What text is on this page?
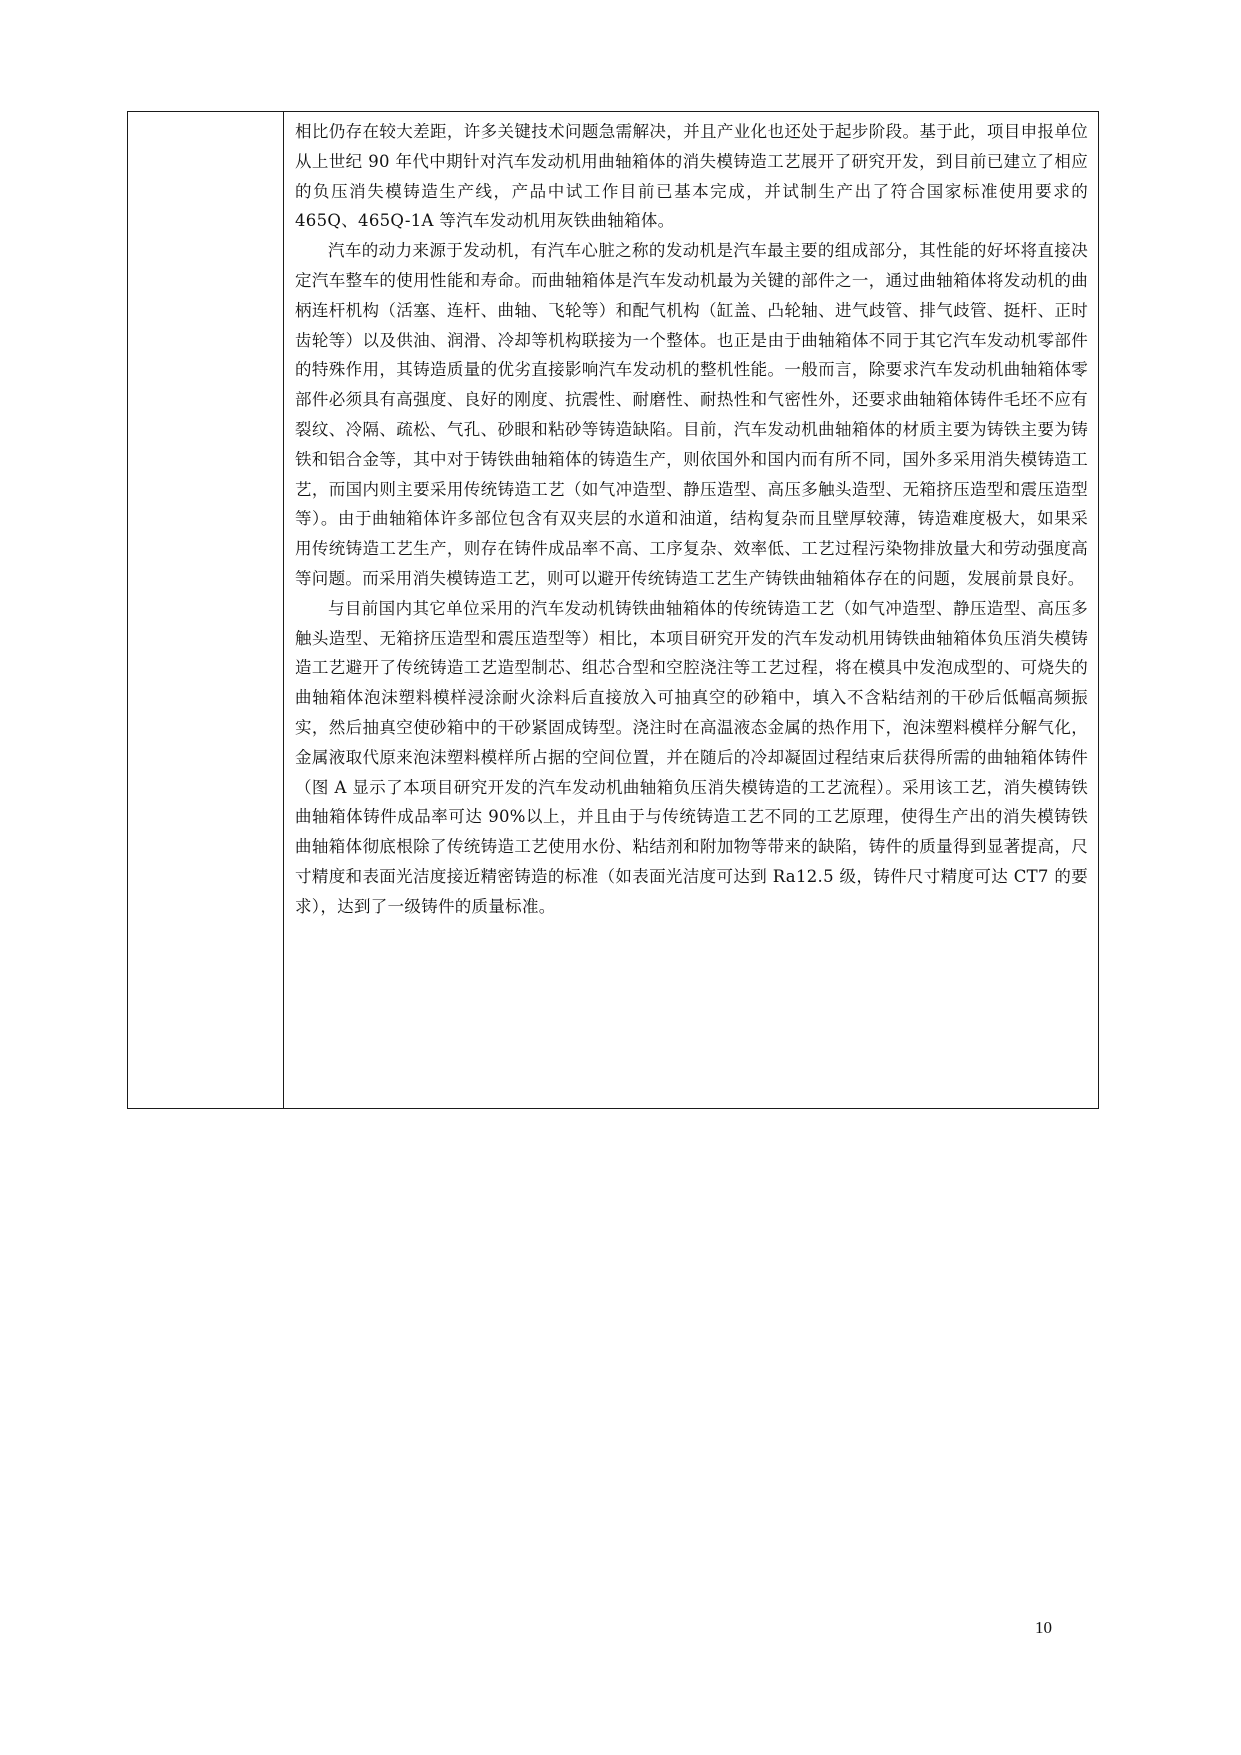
相比仍存在较大差距，许多关键技术问题急需解决，并且产业化也还处于起步阶段。基于此，项目申报单位从上世纪 90 年代中期针对汽车发动机用曲轴箱体的消失模铸造工艺展开了研究开发，到目前已建立了相应的负压消失模铸造生产线，产品中试工作目前已基本完成，并试制生产出了符合国家标准使用要求的 465Q、465Q-1A 等汽车发动机用灰铁曲轴箱体。

汽车的动力来源于发动机，有汽车心脏之称的发动机是汽车最主要的组成部分，其性能的好坏将直接决定汽车整车的使用性能和寿命。而曲轴箱体是汽车发动机最为关键的部件之一，通过曲轴箱体将发动机的曲柄连杆机构（活塞、连杆、曲轴、飞轮等）和配气机构（缸盖、凸轮轴、进气歧管、排气歧管、挺杆、正时齿轮等）以及供油、润滑、冷却等机构联接为一个整体。也正是由于曲轴箱体不同于其它汽车发动机零部件的特殊作用，其铸造质量的优劣直接影响汽车发动机的整机性能。一般而言，除要求汽车发动机曲轴箱体零部件必须具有高强度、良好的刚度、抗震性、耐磨性、耐热性和气密性外，还要求曲轴箱体铸件毛坯不应有裂纹、冷隔、疏松、气孔、砂眼和粘砂等铸造缺陷。目前，汽车发动机曲轴箱体的材质主要为铸铁主要为铸铁和铝合金等，其中对于铸铁曲轴箱体的铸造生产，则依国外和国内而有所不同，国外多采用消失模铸造工艺，而国内则主要采用传统铸造工艺（如气冲造型、静压造型、高压多触头造型、无箱挤压造型和震压造型等）。由于曲轴箱体许多部位包含有双夹层的水道和油道，结构复杂而且壁厚较薄，铸造难度极大，如果采用传统铸造工艺生产，则存在铸件成品率不高、工序复杂、效率低、工艺过程污染物排放量大和劳动强度高等问题。而采用消失模铸造工艺，则可以避开传统铸造工艺生产铸铁曲轴箱体存在的问题，发展前景良好。

与目前国内其它单位采用的汽车发动机铸铁曲轴箱体的传统铸造工艺（如气冲造型、静压造型、高压多触头造型、无箱挤压造型和震压造型等）相比，本项目研究开发的汽车发动机用铸铁曲轴箱体负压消失模铸造工艺避开了传统铸造工艺造型制芯、组芯合型和空腔浇注等工艺过程，将在模具中发泡成型的、可烧失的曲轴箱体泡沫塑料模样浸涂耐火涂料后直接放入可抽真空的砂箱中，填入不含粘结剂的干砂后低幅高频振实，然后抽真空使砂箱中的干砂紧固成铸型。浇注时在高温液态金属的热作用下，泡沫塑料模样分解气化，金属液取代原来泡沫塑料模样所占据的空间位置，并在随后的冷却凝固过程结束后获得所需的曲轴箱体铸件（图 A 显示了本项目研究开发的汽车发动机曲轴箱负压消失模铸造的工艺流程）。采用该工艺，消失模铸铁曲轴箱体铸件成品率可达 90%以上，并且由于与传统铸造工艺不同的工艺原理，使得生产出的消失模铸铁曲轴箱体彻底根除了传统铸造工艺使用水份、粘结剂和附加物等带来的缺陷，铸件的质量得到显著提高，尺寸精度和表面光洁度接近精密铸造的标准（如表面光洁度可达到 Ra12.5 级，铸件尺寸精度可达 CT7 的要求），达到了一级铸件的质量标准。

10
